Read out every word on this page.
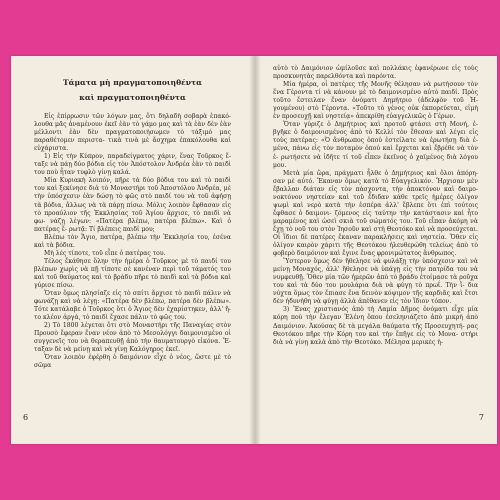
Τάματα μὴ πραγματοποιηθέντα
καὶ πραγματοποιηθέντα

Εἰς ἐπίρρωσιν τῶν λόγων μας, ὅτι δηλαδὴ σοβαρὰ ἐπακό- λουθα μᾶς ἀναμένουν ἐκεῖ ἐὰν τὸ γάμο μας καὶ τὰ ἐὰν δὲν ἐὰν μέλλοντι ἐὰν δὲν πραγματοποιήσωμεν τὸ τάξιμό μας παραθέτομεν περιστα- τικὰ τινὰ μὲ ἄσχημα ἐπακόλουθα καὶ εὐχάριστα.

1) Εἰς τὴν Κύπρον, παραδείγματος χάριν, ἕνας Τοῦρκος ἔ- ταξε νὰ πάῃ δύο βόδια εἰς τὸν Ἀπόστολον Ἀνδρέα ἐὰν τὸ παιδὶ του ποὺ ἦταν τυφλὸ γίνῃ καλά.

Μία Κυριακὴ λοιπόν, πῆρε τὰ δύο βόδια του καὶ τὸ παιδὶ του καὶ ξεκίνησε διὰ τὸ Μοναστήρι τοῦ Ἀποστόλου Ἀνδρέα, μὲ τὴν ὑπόσχεσιν ἐὰν δώσῃ τὸ φῶς στὸ παιδί του νὰ τοῦ ἀφήσῃ τὰ βόδια, ἄλλως νὰ τὰ πάρῃ πίσω. Μόλις λοιπὸν ἔφθασαν εἰς τὸ προαύλιον τῆς Ἐκκλησίας τοῦ Ἁγίου ἄρχισε, τὸ παιδὶ νὰ φω- νάζῃ λέγων: «Πατέρα βλέπω, πατέρα βλέπω». Καὶ ὁ πατέρας ἔ- ρωτᾷ: Τί βλέπεις παιδί μου;

Βλέπω τὸν Ἅγιο, πατέρα, βλέπω τὴν Ἐκκλησία του, ἐσένα καὶ τὰ βόδια.

Μὴ λὲς τίποτε, τοῦ εἶπε ὁ πατέρας του.

Τέλος ἔκάθησε ὅλην τὴν ἡμέρα ὁ Τοῦρκος μὲ τὸ παιδί του βλέπων χωρὶς νὰ πῇ τίποτε σὲ κανέναν περὶ τοῦ τάματός του καὶ τοῦ θαύματος καὶ τὸ βράδυ πῆρε τὸ παιδὶ καὶ τὰ βόδια καὶ γύρισε πίσω.

Ὅταν ὅμως πλησίαζε εἰς τὸ σπίτι ἄρχισε τὸ παιδὶ πάλιν νὰ φωνάζῃ καὶ νὰ λέγῃ: «Πατέρα δὲν βλέπω, πατέρα δὲν βλέπω». Τότε κατάλαβε ὁ Τοῦρκος ὅτι ὁ Ἅγιος δὲν ἐχαρίστηκεν, ἀλλ' ἤ- το κλέον ἀργά, τὸ παιδὶ ἔχασε πάλιν τὸ φῶς του.

2) Τὸ 1800 λέγεται ὅτι στὸ Μοναστήρι τῆς Παναγίας στὸν Προυσὸ ἔφεραν ἕναν νέον ἀπὸ τὸ Μεσολόγγι δαιμονισμένο οἱ συγγενεῖς του νὰ θεραπευθῇ ἀπὸ τὴν θαυματουργὸ εἰκόνα. Ἔ- ταξαν δὲ νὰ μείνῃ καὶ νὰ γίνῃ Καλόγηρος ἐκεῖ.

Ὅταν λοιπὸν ἐφέρθη ὁ δαιμόνιον εἶχε ὁ νέος, ὥστε μὲ τὸ σῶμα

6

αὐτὸ τὸ Δαιμόνιον ὡμίλοῦσε καὶ πολλάκις ἐφανέρωνε εἰς τοὺς προσκυνητὰς παρελθόντα καὶ παρόντα.

Μία ἡμέρα, οἱ πατέρες τῆς Μονῆς θέλησαν νὰ ρωτήσουν τὸν ἕνα Γέροντα τί νὰ κάνουν μὲ τὸ δαιμονισμένο αὐτὸ παιδί. Πρὸς τοῦτο ἔστειλαν ἕναν ὀνόματι Δημήτριο (ἀδελφὸν τοῦ Ἡ- γουμένου) στὸ Γέροντα. «Τοῦτο τὸ γένος οὐκ ἐκπορεύεται, εἰμὴ ἐν προσευχῇ καὶ νηστείᾳ» ἀπεκρίθη εὐαγγελικῶς ὁ Γέρων.

Ὅταν γύριζε ὁ Δημήτριος καὶ προτοῦ φτάσει στὴ Μονή, ἐ- βγῆκε ὁ δαιμονισμένος ἀπὸ τὸ Κελλί τὸν ἔθεσαν καὶ λέγει εἰς τοὺς πατέρας: «Ὁ ἄνθρωπος ὁπού ἐστείλατε νὰ ἐρωτήσῃ διὰ ἐ- μένα, πάνω εἰς τὸν ποταμὸν ὁπού καὶ ἔρχεται καὶ ἔβρέθε νὰ τὸν ἐ- ρωτήσετε νὰ ἰδῆτε τί τοῦ εἶπεν ἐκεῖνος ὁ χαϊμένος διὰ λόγου μου.

Μετὰ μία ὥρα, πράγματι ἦλθε ὁ Δημήτριος καὶ ὅλοι ἀπόρη- σαν μὲ αὐτό. Ἔκαναν ὅμως κατὰ τὸ Εὐαγγελικόν. Ἤρχισαν μὲν ἔβαλλαν διάταν εἰς τὸν πάσχοντα, τὴν ἀποκτόνον καὶ δαιμο- νοκτόνον νηστείαν καὶ τοῦ ἔδιδαν κάθε τρεῖς ἡμέρες ὀλίγον ψωμὶ καὶ νερὸ κατὰ τὴν ἑσπέρα ἀλλ' ἔβλεπε ὅτι ἐπὶ τούτοις ἔφθασε ὁ δαιμονι- ζόμενος εἰς ταύτην τὴν κατάστασιν καὶ ἦτο μαραμένος καὶ ὡσεὶ σκιὰ τοῦ σώματός του. Τοῦ εἶπαν ἀκόμη νὰ ἔχῃ τὸ νοῦ του στὸν Ἰησοῦν καὶ στὴ Θεοτόκο καὶ νὰ προσεύχεται. Οἱ ἴδιοι δὲ πατέρες ἔκαναν παρακλήσεις καὶ νηστεία. Ὅθεν εἰς ὀλίγον καιρὸν χάριτι τῆς Θεοτόκου ἠλευθερώθη τελείως ἀπὸ τὸ φοβερὸ δαιμόνιον καὶ ἔγινε ἕνας φρονιμώτατος ἄνθρωπος.

Ὕστερον ὅμως δὲν ἤθελησε νὰ φυλάξῃ τὴν ὑπόσχεσιν καὶ νὰ μείνῃ Μοναχός, ἀλλ' ἤθελησε νὰ ὑπάγῃ εἰς τὴν πατρίδα του νὰ νυμφευθῇ. Ὅθεν μία τῶν ἡμερῶν ἀπὸ τὸ βράδυ ἑτοίμασε τὰ ροῦχα του καὶ τὰ δύο του μουλάρια διὰ νὰ φύγῃ τὸ πρωΐ. Τὴν ἴ- δια νύχτα ὅμως τὸν ἔπιασε ἕνα δεινὸν κόψιμον τῆς καρδιᾶς καὶ ἔτσι δὲν ἠδυνήθη νὰ φύγῃ ἀλλὰ ἀπέθανεν εἰς τὸν ἴδιον τόπον.

3) Ἕνας χριστιανός ἀπὸ τὴ Λαμία Δῆμος ὀνόματι εἶχε μία κόρη ποὺ τὴν ἔλεγαν Ἑλένη ὅπου ἐσεληνιάζετο ἀπὸ μικρὴ ἀπὸ Δαιμόνιον. Ἀκούσας δὲ τὰ μεγάλα θαύματα τῆς Προσευχητή- ρας Θεοτόκου πῆρε τὴν Κόρη του καὶ τὴν ἔπῆγε εἰς τὸ Μονα- στήρι διὰ νὰ γίνῃ καλὰ ἀπὸ τὴν Θεοτόκο. Μέλησα μερικὲς ἡ-

7
